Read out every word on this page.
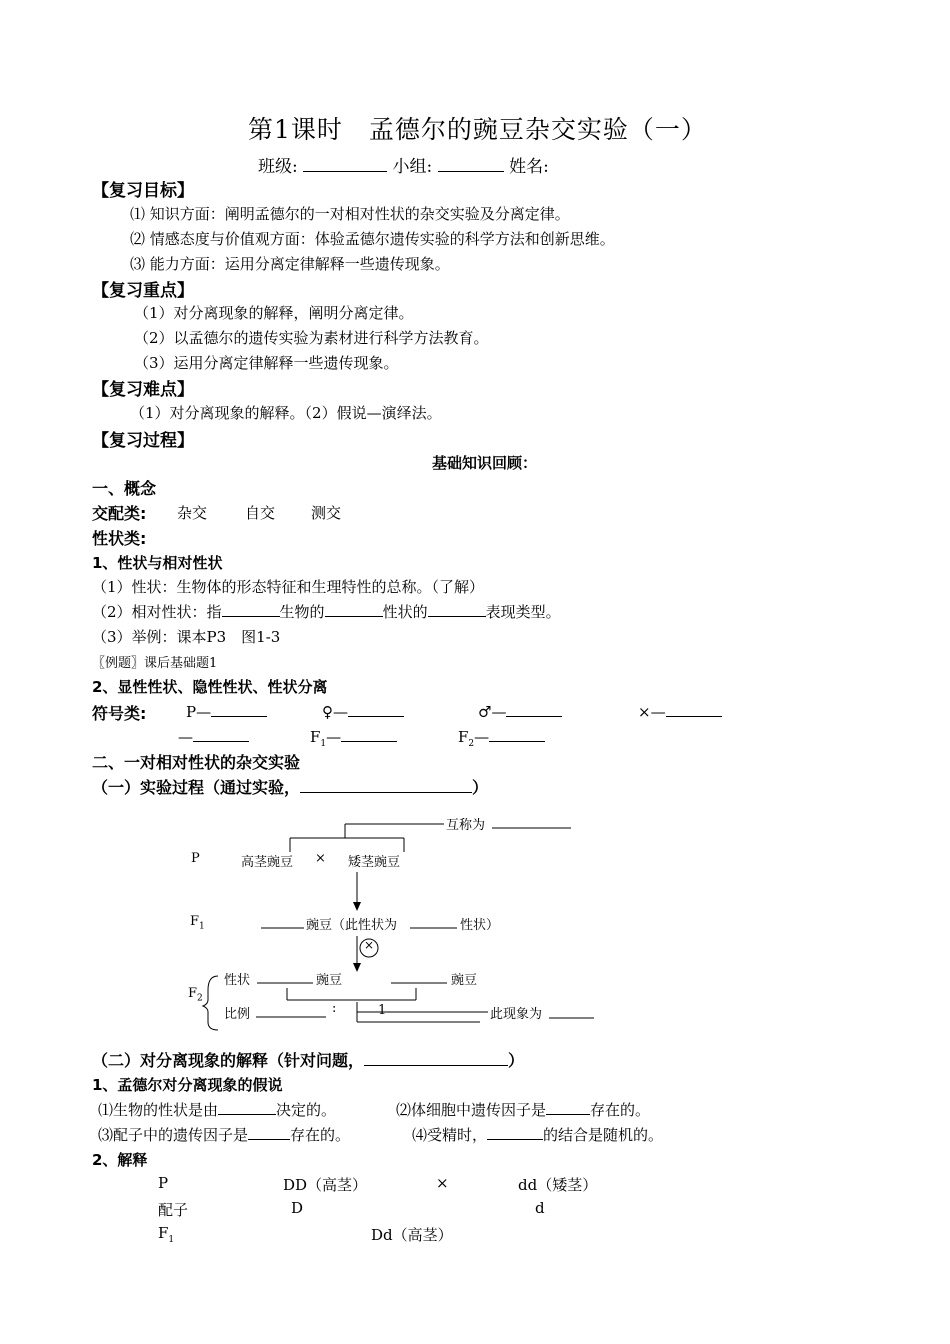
第1课时　孟德尔的豌豆杂交实验（一）
班级:	小组:	姓名:
【复习目标】
⑴ 知识方面：阐明孟德尔的一对相对性状的杂交实验及分离定律。
⑵ 情感态度与价值观方面：体验孟德尔遗传实验的科学方法和创新思维。
⑶ 能力方面：运用分离定律解释一些遗传现象。
【复习重点】
（1）对分离现象的解释，阐明分离定律。
（2）以孟德尔的遗传实验为素材进行科学方法教育。
（3）运用分离定律解释一些遗传现象。
【复习难点】
（1）对分离现象的解释。（2）假说—演绎法。
【复习过程】
基础知识回顾：
一、概念
交配类: 杂交	自交 测交
性状类:
1、性状与相对性状
（1）性状：生物体的形态特征和生理特性的总称。（了解）
（2）相对性状：指	生物的	性状的	表现类型。
（3）举例：课本P3　图1-3
〖例题〗课后基础题1
2、显性性状、隐性性状、性状分离
符号类:	P—	♀—	♂—	×—
—	$F_1—$	$F_2—$
二、一对相对性状的杂交实验
（一）实验过程（通过实验，	）
互称为
P	高茎豌豆 × 矮茎豌豆
$F_1$	豌豆（此性状为	性状）
×
$F_2$
性状	豌豆	豌豆
比例	:	1	此现象为
（二）对分离现象的解释（针对问题，	）
1、孟德尔对分离现象的假说
⑴生物的性状是由	决定的。	⑵体细胞中遗传因子是	存在的。
⑶配子中的遗传因子是	存在的。	⑷受精时，	的结合是随机的。
2、解释
P	DD（高茎）	×	dd（矮茎）
配子	D	d
$F_1$	Dd（高茎）
